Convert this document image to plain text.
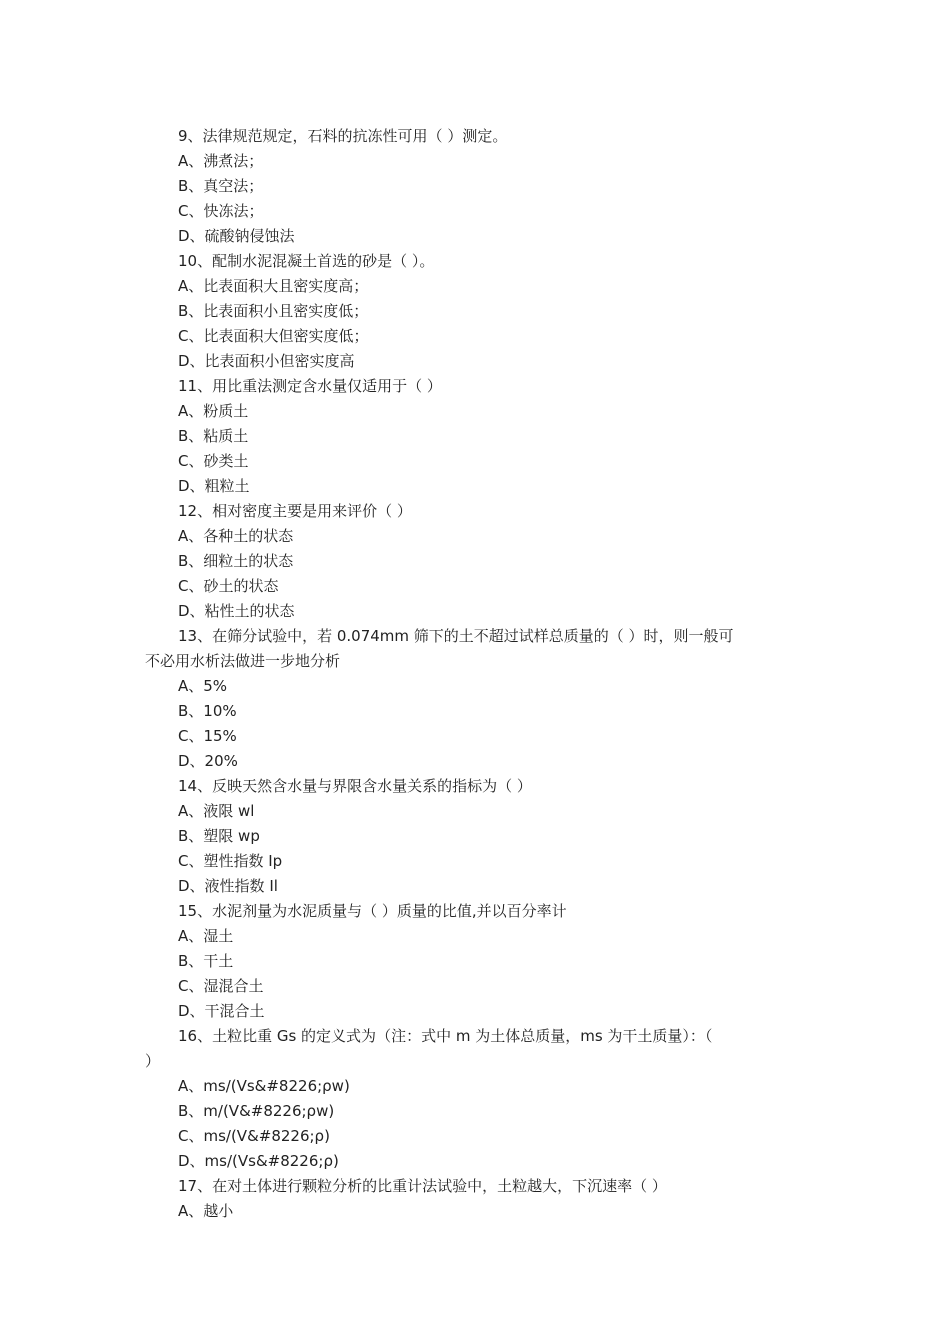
9、法律规范规定，石料的抗冻性可用（ ）测定。
A、沸煮法；
B、真空法；
C、快冻法；
D、硫酸钠侵蚀法
10、配制水泥混凝土首选的砂是（ ）。
A、比表面积大且密实度高；
B、比表面积小且密实度低；
C、比表面积大但密实度低；
D、比表面积小但密实度高
11、用比重法测定含水量仅适用于（ ）
A、粉质土
B、粘质土
C、砂类土
D、粗粒土
12、相对密度主要是用来评价（ ）
A、各种土的状态
B、细粒土的状态
C、砂土的状态
D、粘性土的状态
13、在筛分试验中，若 0.074mm 筛下的土不超过试样总质量的（ ）时，则一般可
不必用水析法做进一步地分析
A、5%
B、10%
C、15%
D、20%
14、反映天然含水量与界限含水量关系的指标为（ ）
A、液限 wl
B、塑限 wp
C、塑性指数 Ip
D、液性指数 Il
15、水泥剂量为水泥质量与（ ）质量的比值,并以百分率计
A、湿土
B、干土
C、湿混合土
D、干混合土
16、土粒比重 Gs 的定义式为（注：式中 m 为土体总质量，ms 为干土质量）：（
）
A、ms/(Vs&#8226;ρw)
B、m/(V&#8226;ρw)
C、ms/(V&#8226;ρ)
D、ms/(Vs&#8226;ρ)
17、在对土体进行颗粒分析的比重计法试验中，土粒越大，下沉速率（ ）
A、越小
